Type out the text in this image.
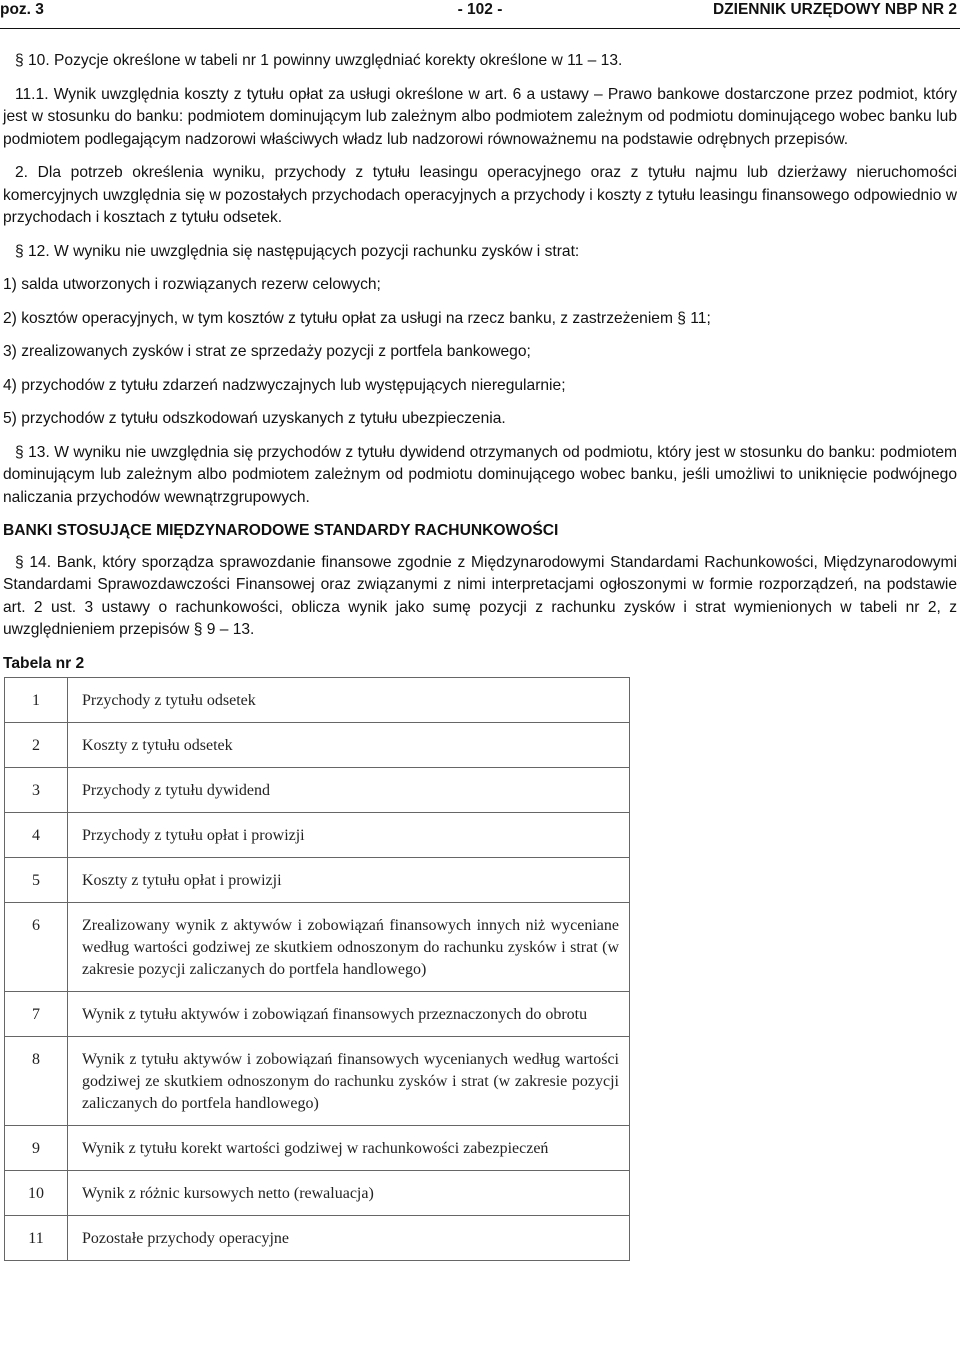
poz. 3	- 102 -	DZIENNIK URZĘDOWY NBP NR 2

§ 10. Pozycje określone w tabeli nr 1 powinny uwzględniać korekty określone w 11 – 13.

11.1. Wynik uwzględnia koszty z tytułu opłat za usługi określone w art. 6 a ustawy – Prawo bankowe dostarczone przez podmiot, który jest w stosunku do banku: podmiotem dominującym lub zależnym albo podmiotem zależnym od podmiotu dominującego wobec banku lub podmiotem podlegającym nadzorowi właściwych władz lub nadzorowi równoważnemu na podstawie odrębnych przepisów.

2. Dla potrzeb określenia wyniku, przychody z tytułu leasingu operacyjnego oraz z tytułu najmu lub dzierżawy nieruchomości komercyjnych uwzględnia się w pozostałych przychodach operacyjnych a przychody i koszty z tytułu leasingu finansowego odpowiednio w przychodach i kosztach z tytułu odsetek.

§ 12. W wyniku nie uwzględnia się następujących pozycji rachunku zysków i strat:

1) salda utworzonych i rozwiązanych rezerw celowych;

2) kosztów operacyjnych, w tym kosztów z tytułu opłat za usługi na rzecz banku, z zastrzeżeniem § 11;

3) zrealizowanych zysków i strat ze sprzedaży pozycji z portfela bankowego;

4) przychodów z tytułu zdarzeń nadzwyczajnych lub występujących nieregularnie;

5) przychodów z tytułu odszkodowań uzyskanych z tytułu ubezpieczenia.

§ 13. W wyniku nie uwzględnia się przychodów z tytułu dywidend otrzymanych od podmiotu, który jest w stosunku do banku: podmiotem dominującym lub zależnym albo podmiotem zależnym od podmiotu dominującego wobec banku, jeśli umożliwi to uniknięcie podwójnego naliczania przychodów wewnątrzgrupowych.

BANKI STOSUJĄCE MIĘDZYNARODOWE STANDARDY RACHUNKOWOŚCI

§ 14. Bank, który sporządza sprawozdanie finansowe zgodnie z Międzynarodowymi Standardami Rachunkowości, Międzynarodowymi Standardami Sprawozdawczości Finansowej oraz związanymi z nimi interpretacjami ogłoszonymi w formie rozporządzeń, na podstawie art. 2 ust. 3 ustawy o rachunkowości, oblicza wynik jako sumę pozycji z rachunku zysków i strat wymienionych w tabeli nr 2, z uwzględnieniem przepisów § 9 – 13.

Tabela nr 2

1	Przychody z tytułu odsetek
2	Koszty z tytułu odsetek
3	Przychody z tytułu dywidend
4	Przychody z tytułu opłat i prowizji
5	Koszty z tytułu opłat i prowizji
6	Zrealizowany wynik z aktywów i zobowiązań finansowych innych niż wyceniane według wartości godziwej ze skutkiem odnoszonym do rachunku zysków i strat (w zakresie pozycji zaliczanych do portfela handlowego)
7	Wynik z tytułu aktywów i zobowiązań finansowych przeznaczonych do obrotu
8	Wynik z tytułu aktywów i zobowiązań finansowych wycenianych według wartości godziwej ze skutkiem odnoszonym do rachunku zysków i strat (w zakresie pozycji zaliczanych do portfela handlowego)
9	Wynik z tytułu korekt wartości godziwej w rachunkowości zabezpieczeń
10	Wynik z różnic kursowych netto (rewaluacja)
11	Pozostałe przychody operacyjne
